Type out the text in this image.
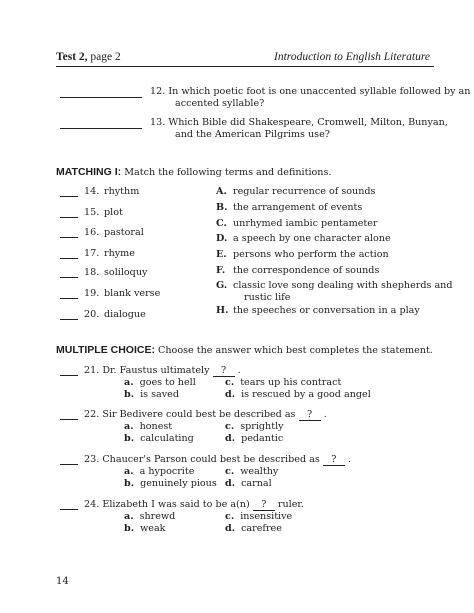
Test 2, page 2	Introduction to English Literature
12. In which poetic foot is one unaccented syllable followed by an
accented syllable?
13. Which Bible did Shakespeare, Cromwell, Milton, Bunyan,
and the American Pilgrims use?
MATCHING I: Match the following terms and definitions.
14. rhythm
15. plot
16. pastoral
17. rhyme
18. soliloquy
19. blank verse
20. dialogue
A. regular recurrence of sounds
B. the arrangement of events
C. unrhymed iambic pentameter
D. a speech by one character alone
E. persons who perform the action
F. the correspondence of sounds
G. classic love song dealing with shepherds and
rustic life
H. the speeches or conversation in a play
MULTIPLE CHOICE: Choose the answer which best completes the statement.
21. Dr. Faustus ultimately ? .
a. goes to hell	c. tears up his contract
b. is saved	d. is rescued by a good angel
22. Sir Bedivere could best be described as ? .
a. honest	c. sprightly
b. calculating	d. pedantic
23. Chaucer's Parson could best be described as ? .
a. a hypocrite	c. wealthy
b. genuinely pious d. carnal
24. Elizabeth I was said to be a(n) ? ruler.
a. shrewd	c. insensitive
b. weak	d. carefree
14
